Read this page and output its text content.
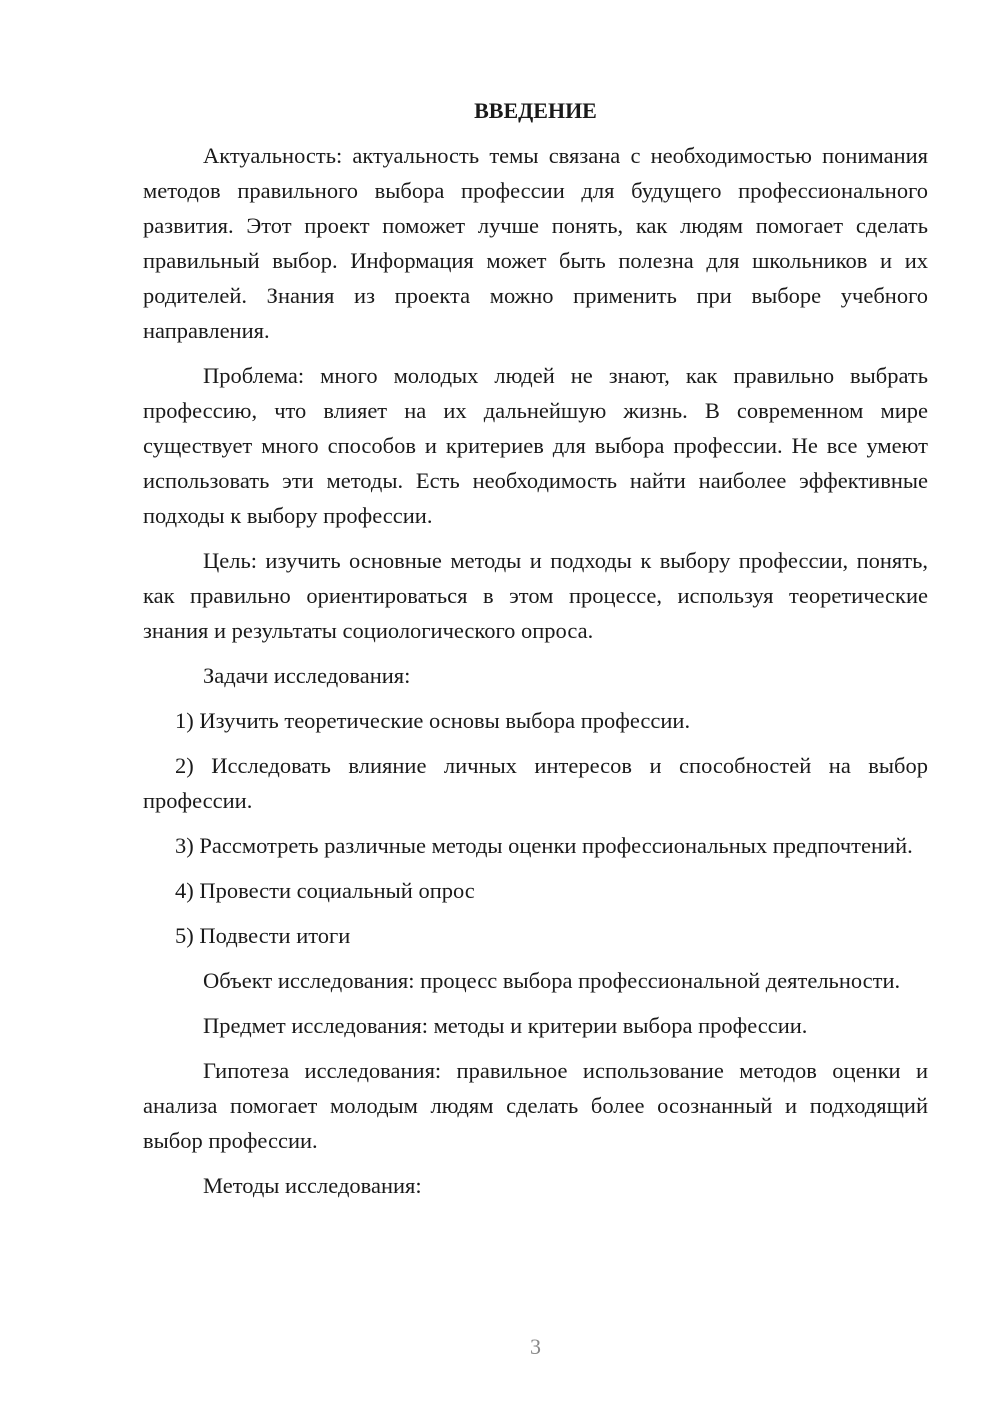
ВВЕДЕНИЕ

Актуальность: актуальность темы связана с необходимостью понимания методов правильного выбора профессии для будущего профессионального развития. Этот проект поможет лучше понять, как людям помогает сделать правильный выбор. Информация может быть полезна для школьников и их родителей. Знания из проекта можно применить при выборе учебного направления.

Проблема: много молодых людей не знают, как правильно выбрать профессию, что влияет на их дальнейшую жизнь. В современном мире существует много способов и критериев для выбора профессии. Не все умеют использовать эти методы. Есть необходимость найти наиболее эффективные подходы к выбору профессии.

Цель: изучить основные методы и подходы к выбору профессии, понять, как правильно ориентироваться в этом процессе, используя теоретические знания и результаты социологического опроса.

Задачи исследования:

1) Изучить теоретические основы выбора профессии.

2) Исследовать влияние личных интересов и способностей на выбор профессии.

3) Рассмотреть различные методы оценки профессиональных предпочтений.

4) Провести социальный опрос

5) Подвести итоги

Объект исследования: процесс выбора профессиональной деятельности.

Предмет исследования: методы и критерии выбора профессии.

Гипотеза исследования: правильное использование методов оценки и анализа помогает молодым людям сделать более осознанный и подходящий выбор профессии.

Методы исследования:

3
